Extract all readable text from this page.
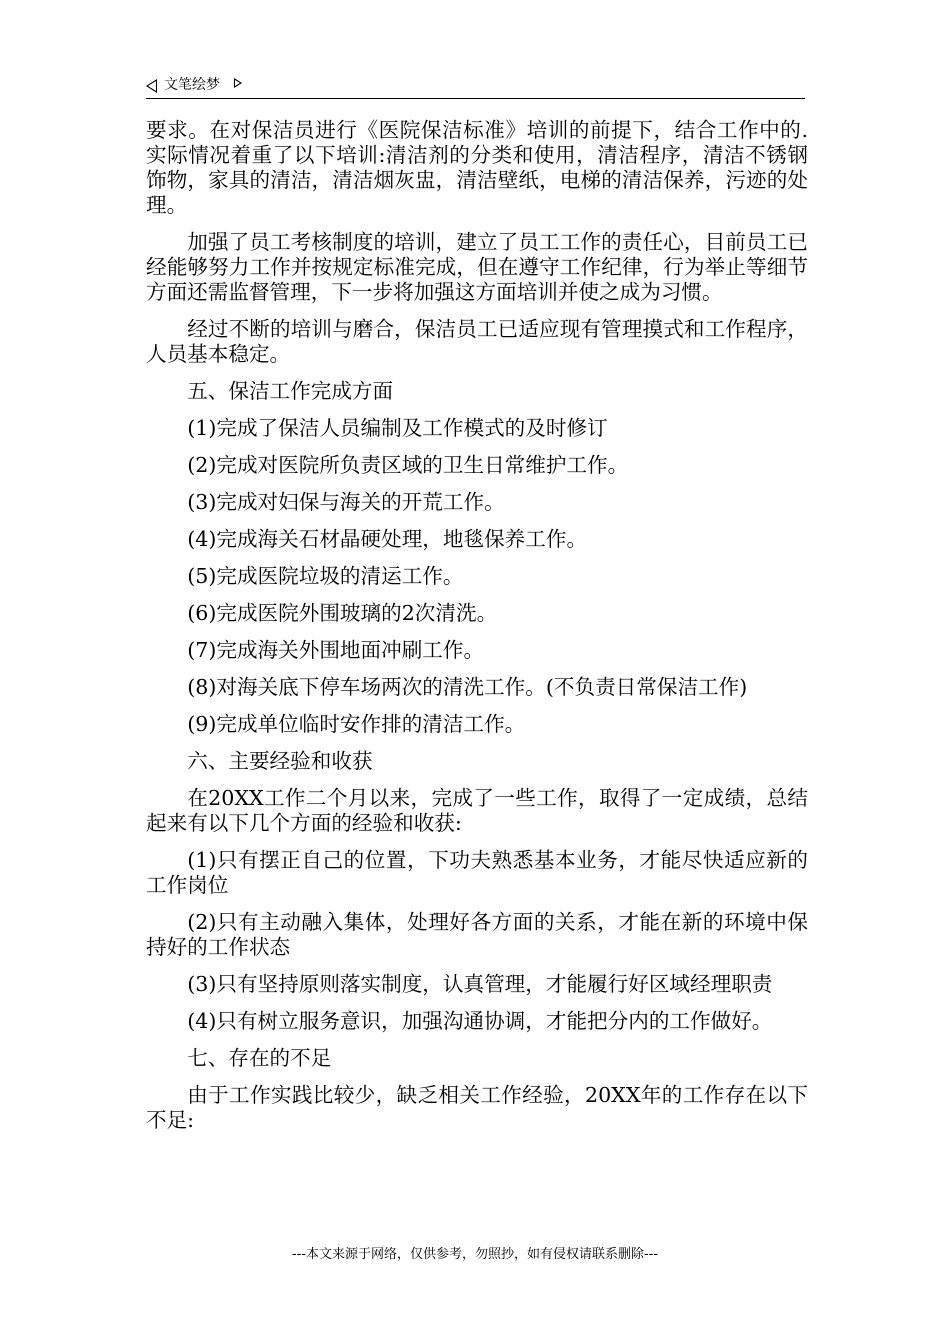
文笔绘梦

要求。在对保洁员进行《医院保洁标准》培训的前提下，结合工作中的.实际情况着重了以下培训:清洁剂的分类和使用，清洁程序，清洁不锈钢饰物，家具的清洁，清洁烟灰盅，清洁壁纸，电梯的清洁保养，污迹的处理。

加强了员工考核制度的培训，建立了员工工作的责任心，目前员工已经能够努力工作并按规定标准完成，但在遵守工作纪律，行为举止等细节方面还需监督管理，下一步将加强这方面培训并使之成为习惯。

经过不断的培训与磨合，保洁员工已适应现有管理摸式和工作程序，人员基本稳定。

五、保洁工作完成方面

(1)完成了保洁人员编制及工作模式的及时修订

(2)完成对医院所负责区域的卫生日常维护工作。

(3)完成对妇保与海关的开荒工作。

(4)完成海关石材晶硬处理，地毯保养工作。

(5)完成医院垃圾的清运工作。

(6)完成医院外围玻璃的2次清洗。

(7)完成海关外围地面冲刷工作。

(8)对海关底下停车场两次的清洗工作。(不负责日常保洁工作)

(9)完成单位临时安作排的清洁工作。

六、主要经验和收获

在20XX工作二个月以来，完成了一些工作，取得了一定成绩，总结起来有以下几个方面的经验和收获:

(1)只有摆正自己的位置，下功夫熟悉基本业务，才能尽快适应新的工作岗位

(2)只有主动融入集体，处理好各方面的关系，才能在新的环境中保持好的工作状态

(3)只有坚持原则落实制度，认真管理，才能履行好区域经理职责

(4)只有树立服务意识，加强沟通协调，才能把分内的工作做好。

七、存在的不足

由于工作实践比较少，缺乏相关工作经验，20XX年的工作存在以下不足:

---本文来源于网络，仅供参考，勿照抄，如有侵权请联系删除---
